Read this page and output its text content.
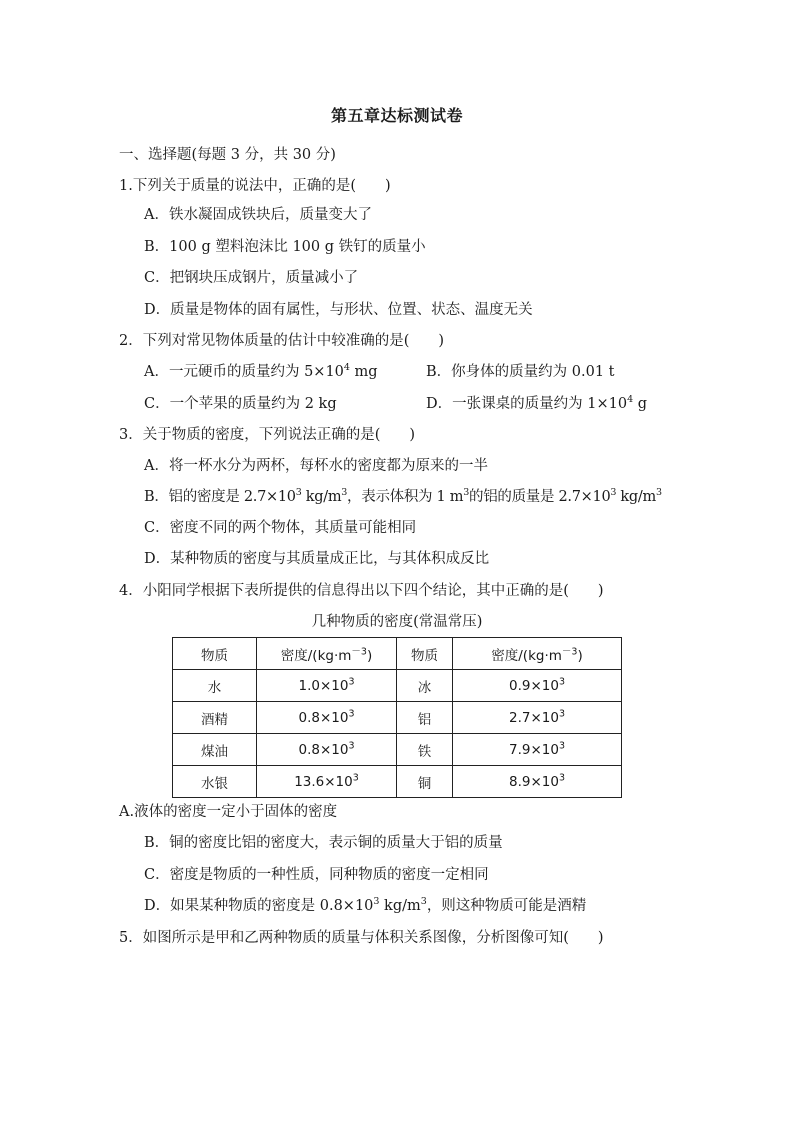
第五章达标测试卷
一、选择题(每题 3 分，共 30 分)
1.下列关于质量的说法中，正确的是(　　)
A．铁水凝固成铁块后，质量变大了
B．100 g 塑料泡沫比 100 g 铁钉的质量小
C．把钢块压成钢片，质量减小了
D．质量是物体的固有属性，与形状、位置、状态、温度无关
2．下列对常见物体质量的估计中较准确的是(　　)
A．一元硬币的质量约为 $5\times 10^4$ mg	B．你身体的质量约为 0.01 t
C．一个苹果的质量约为 2 kg	D．一张课桌的质量约为 $1\times 10^4$ g
3．关于物质的密度，下列说法正确的是(　　)
A．将一杯水分为两杯，每杯水的密度都为原来的一半
B．铝的密度是 $2.7\times 10^3$ $kg/m^3$，表示体积为 1 $m^3$的铝的质量是 $2.7\times 10^3$ $kg/m^3$
C．密度不同的两个物体，其质量可能相同
D．某种物质的密度与其质量成正比，与其体积成反比
4．小阳同学根据下表所提供的信息得出以下四个结论，其中正确的是(　　)
几种物质的密度(常温常压)
物质	密度$/(kg\cdot m^{-3})$	物质	密度$/(kg\cdot m^{-3})$
水	$1.0\times 10^3$	冰	$0.9\times 10^3$
酒精	$0.8\times 10^3$	铝	$2.7\times 10^3$
煤油	$0.8\times 10^3$	铁	$7.9\times 10^3$
水银	$13.6\times 10^3$	铜	$8.9\times 10^3$
A.液体的密度一定小于固体的密度
B．铜的密度比铝的密度大，表示铜的质量大于铝的质量
C．密度是物质的一种性质，同种物质的密度一定相同
D．如果某种物质的密度是 $0.8\times 10^3$ $kg/m^3$，则这种物质可能是酒精
5．如图所示是甲和乙两种物质的质量与体积关系图像，分析图像可知(　　)
